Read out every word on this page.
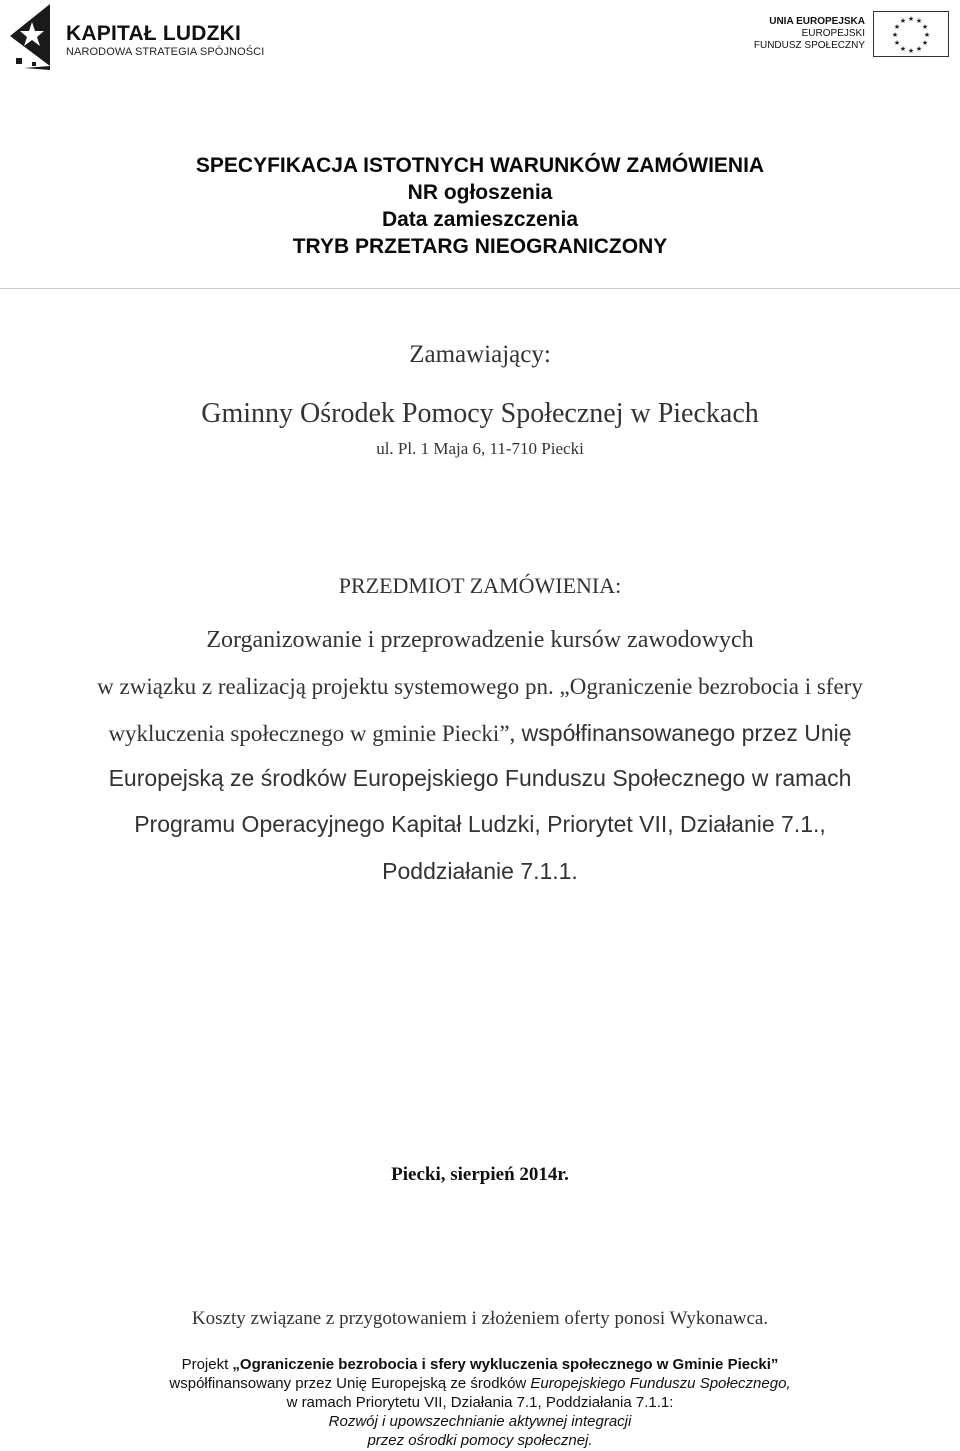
KAPITAŁ LUDZKI
NARODOWA STRATEGIA SPÓJNOŚCI
UNIA EUROPEJSKA
EUROPEJSKI
FUNDUSZ SPOŁECZNY
★ ★
★
★
★
★
★
★
★
★
★
★
SPECYFIKACJA ISTOTNYCH WARUNKÓW ZAMÓWIENIA
NR ogłoszenia
Data zamieszczenia
TRYB PRZETARG NIEOGRANICZONY
Zamawiający:
Gminny Ośrodek Pomocy Społecznej w Pieckach
ul. Pl. 1 Maja 6, 11-710 Piecki
PRZEDMIOT ZAMÓWIENIA:
Zorganizowanie i przeprowadzenie kursów zawodowych
w związku z realizacją projektu systemowego pn. „Ograniczenie bezrobocia i sfery
wykluczenia społecznego w gminie Piecki”, współfinansowanego przez Unię
Europejską ze środków Europejskiego Funduszu Społecznego w ramach
Programu Operacyjnego Kapitał Ludzki, Priorytet VII, Działanie 7.1.,
Poddziałanie 7.1.1.
Piecki, sierpień 2014r.
Koszty związane z przygotowaniem i złożeniem oferty ponosi Wykonawca.
Projekt „Ograniczenie bezrobocia i sfery wykluczenia społecznego w Gminie Piecki”
współfinansowany przez Unię Europejską ze środków Europejskiego Funduszu Społecznego,
w ramach Priorytetu VII, Działania 7.1, Poddziałania 7.1.1:
Rozwój i upowszechnianie aktywnej integracji
przez ośrodki pomocy społecznej.
